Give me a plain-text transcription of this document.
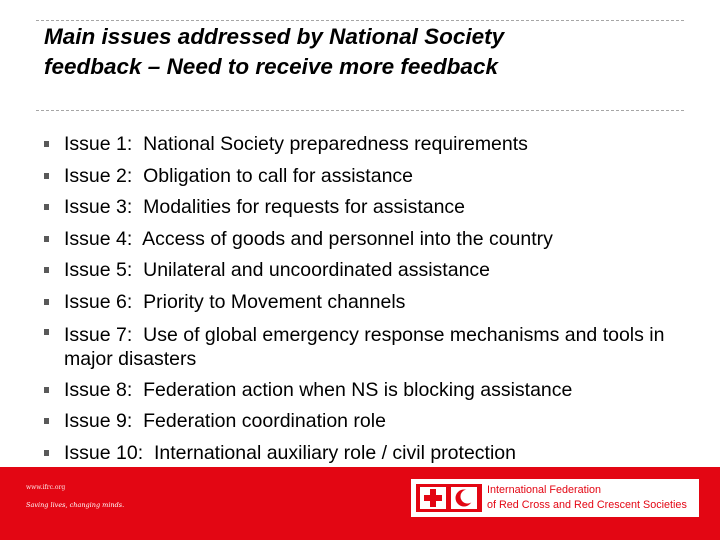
Main issues addressed by National Society
feedback – Need to receive more feedback
Issue 1:  National Society preparedness requirements
Issue 2:  Obligation to call for assistance
Issue 3:  Modalities for requests for assistance
Issue 4:  Access of goods and personnel into the country
Issue 5:  Unilateral and uncoordinated assistance
Issue 6:  Priority to Movement channels
Issue 7:  Use of global emergency response mechanisms and tools in major disasters
Issue 8:  Federation action when NS is blocking assistance
Issue 9:  Federation coordination role
Issue 10:  International auxiliary role / civil protection
www.ifrc.org
Saving lives, changing minds.
International Federation
of Red Cross and Red Crescent Societies
